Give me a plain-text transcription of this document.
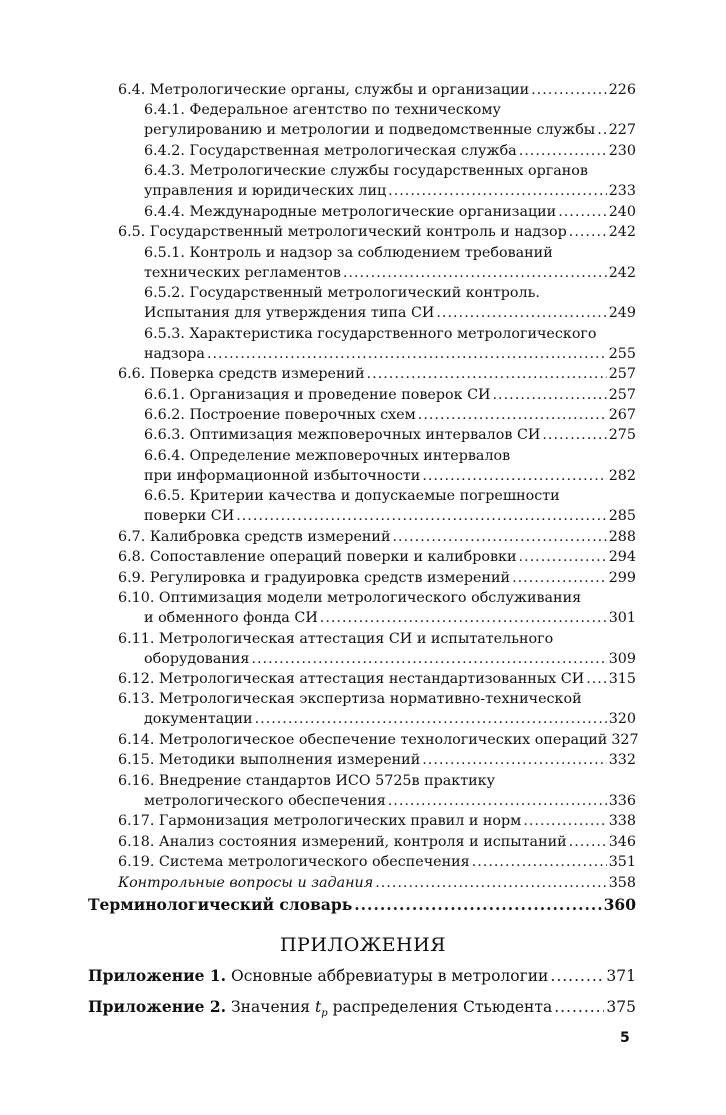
6.4. Метрологические органы, службы и организации .....	226
6.4.1. Федеральное агентство по техническому
регулированию и метрологии и подведомственные службы ..... 227
6.4.2. Государственная метрологическая служба .....	230
6.4.3. Метрологические службы государственных органов
управления и юридических лиц .....	233
6.4.4. Международные метрологические организации .....	240
6.5. Государственный метрологический контроль и надзор .....	242
6.5.1. Контроль и надзор за соблюдением требований
технических регламентов .....	242
6.5.2. Государственный метрологический контроль.
Испытания для утверждения типа СИ .....	249
6.5.3. Характеристика государственного метрологического
надзора .....	255
6.6. Поверка средств измерений .....	257
6.6.1. Организация и проведение поверок СИ .....	257
6.6.2. Построение поверочных схем .....	267
6.6.3. Оптимизация межповерочных интервалов СИ .....	275
6.6.4. Определение межповерочных интервалов
при информационной избыточности .....	282
6.6.5. Критерии качества и допускаемые погрешности
поверки СИ .....	285
6.7. Калибровка средств измерений .....	288
6.8. Сопоставление операций поверки и калибровки .....	294
6.9. Регулировка и градуировка средств измерений .....	299
6.10. Оптимизация модели метрологического обслуживания
и обменного фонда СИ .....	301
6.11. Метрологическая аттестация СИ и испытательного
оборудования .....	309
6.12. Метрологическая аттестация нестандартизованных СИ ..... 315
6.13. Метрологическая экспертиза нормативно-технической
документации .....	320
6.14. Метрологическое обеспечение технологических операций 327
6.15. Методики выполнения измерений .....	332
6.16. Внедрение стандартов ИСО 5725в практику
метрологического обеспечения .....	336
6.17. Гармонизация метрологических правил и норм .....	338
6.18. Анализ состояния измерений, контроля и испытаний .....	346
6.19. Система метрологического обеспечения .....	351
Контрольные вопросы и задания .....	358
Терминологический словарь .....	360
ПРИЛОЖЕНИЯ
Приложение 1. Основные аббревиатуры в метрологии .....	371
Приложение 2. Значения $t_p$ распределения Стьюдента .....	375
5
